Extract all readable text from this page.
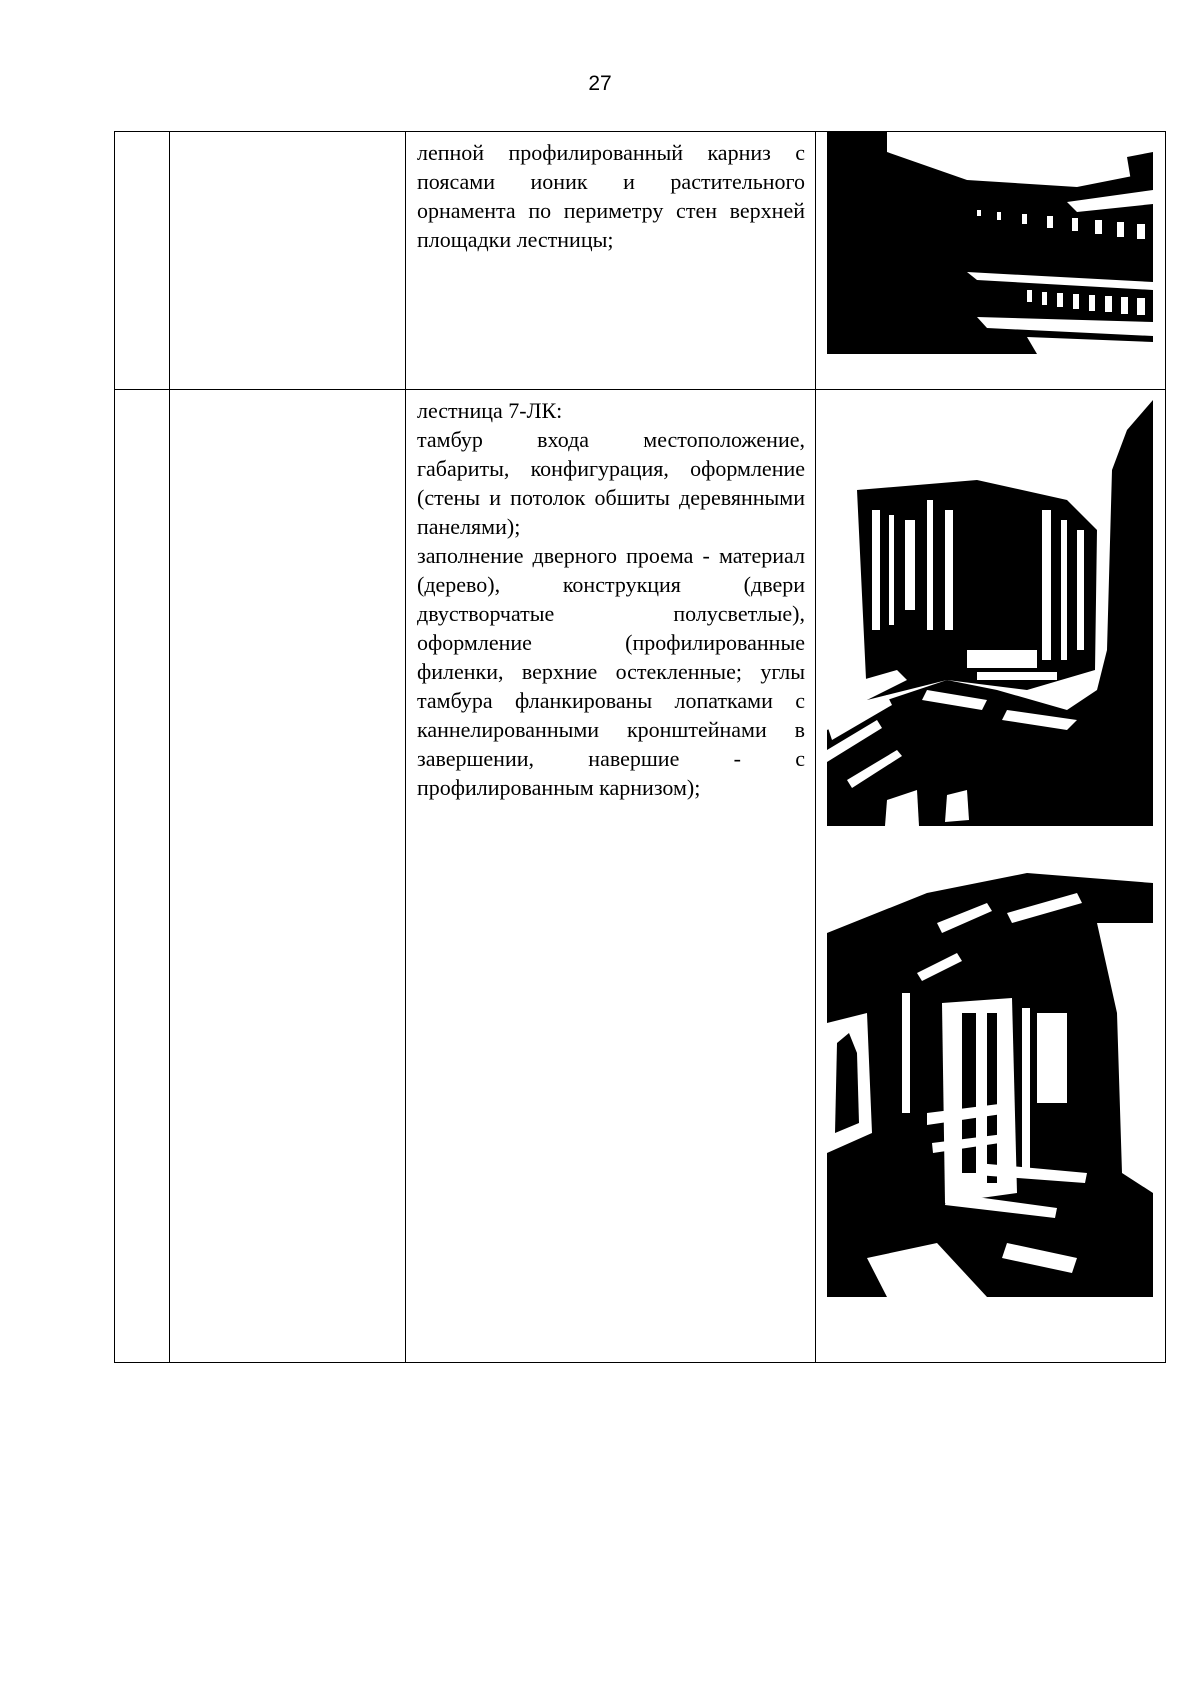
27

		лепной профилированный карниз с поясами ионик и растительного орнамента по периметру стен верхней площадки лестницы;

		лестница 7-ЛК:

тамбур входа местоположение, габариты, конфигурация, оформление (стены и потолок обшиты деревянными панелями);

заполнение дверного проема - материал (дерево), конструкция (двери двустворчатые полусветлые), оформление (профилированные филенки, верхние остекленные; углы тамбура фланкированы лопатками с каннелированными кронштейнами в завершении, навершие - с профилированным карнизом);
